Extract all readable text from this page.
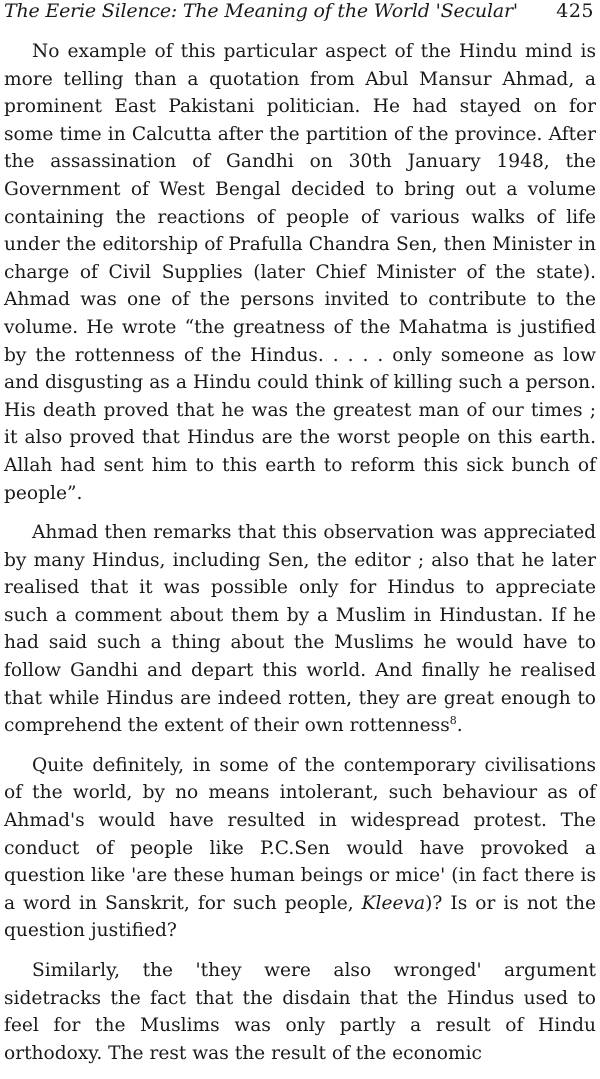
The Eerie Silence: The Meaning of the World 'Secular' 425

No example of this particular aspect of the Hindu mind is more telling than a quotation from Abul Mansur Ahmad, a prominent East Pakistani politician. He had stayed on for some time in Calcutta after the partition of the province. After the assassination of Gandhi on 30th January 1948, the Government of West Bengal decided to bring out a volume containing the reactions of people of various walks of life under the editorship of Prafulla Chandra Sen, then Minister in charge of Civil Supplies (later Chief Minister of the state). Ahmad was one of the persons invited to contribute to the volume. He wrote “the greatness of the Mahatma is justified by the rottenness of the Hindus. . . . . only someone as low and disgusting as a Hindu could think of killing such a person. His death proved that he was the greatest man of our times ; it also proved that Hindus are the worst people on this earth. Allah had sent him to this earth to reform this sick bunch of people”.

Ahmad then remarks that this observation was appreciated by many Hindus, including Sen, the editor ; also that he later realised that it was possible only for Hindus to appreciate such a comment about them by a Muslim in Hindustan. If he had said such a thing about the Muslims he would have to follow Gandhi and depart this world. And finally he realised that while Hindus are indeed rotten, they are great enough to comprehend the extent of their own rottenness$^8$.

Quite definitely, in some of the contemporary civilisations of the world, by no means intolerant, such behaviour as of Ahmad's would have resulted in widespread protest. The conduct of people like P.C.Sen would have provoked a question like 'are these human beings or mice' (in fact there is a word in Sanskrit, for such people, Kleeva)? Is or is not the question justified?

Similarly, the 'they were also wronged' argument sidetracks the fact that the disdain that the Hindus used to feel for the Muslims was only partly a result of Hindu orthodoxy. The rest was the result of the economic
